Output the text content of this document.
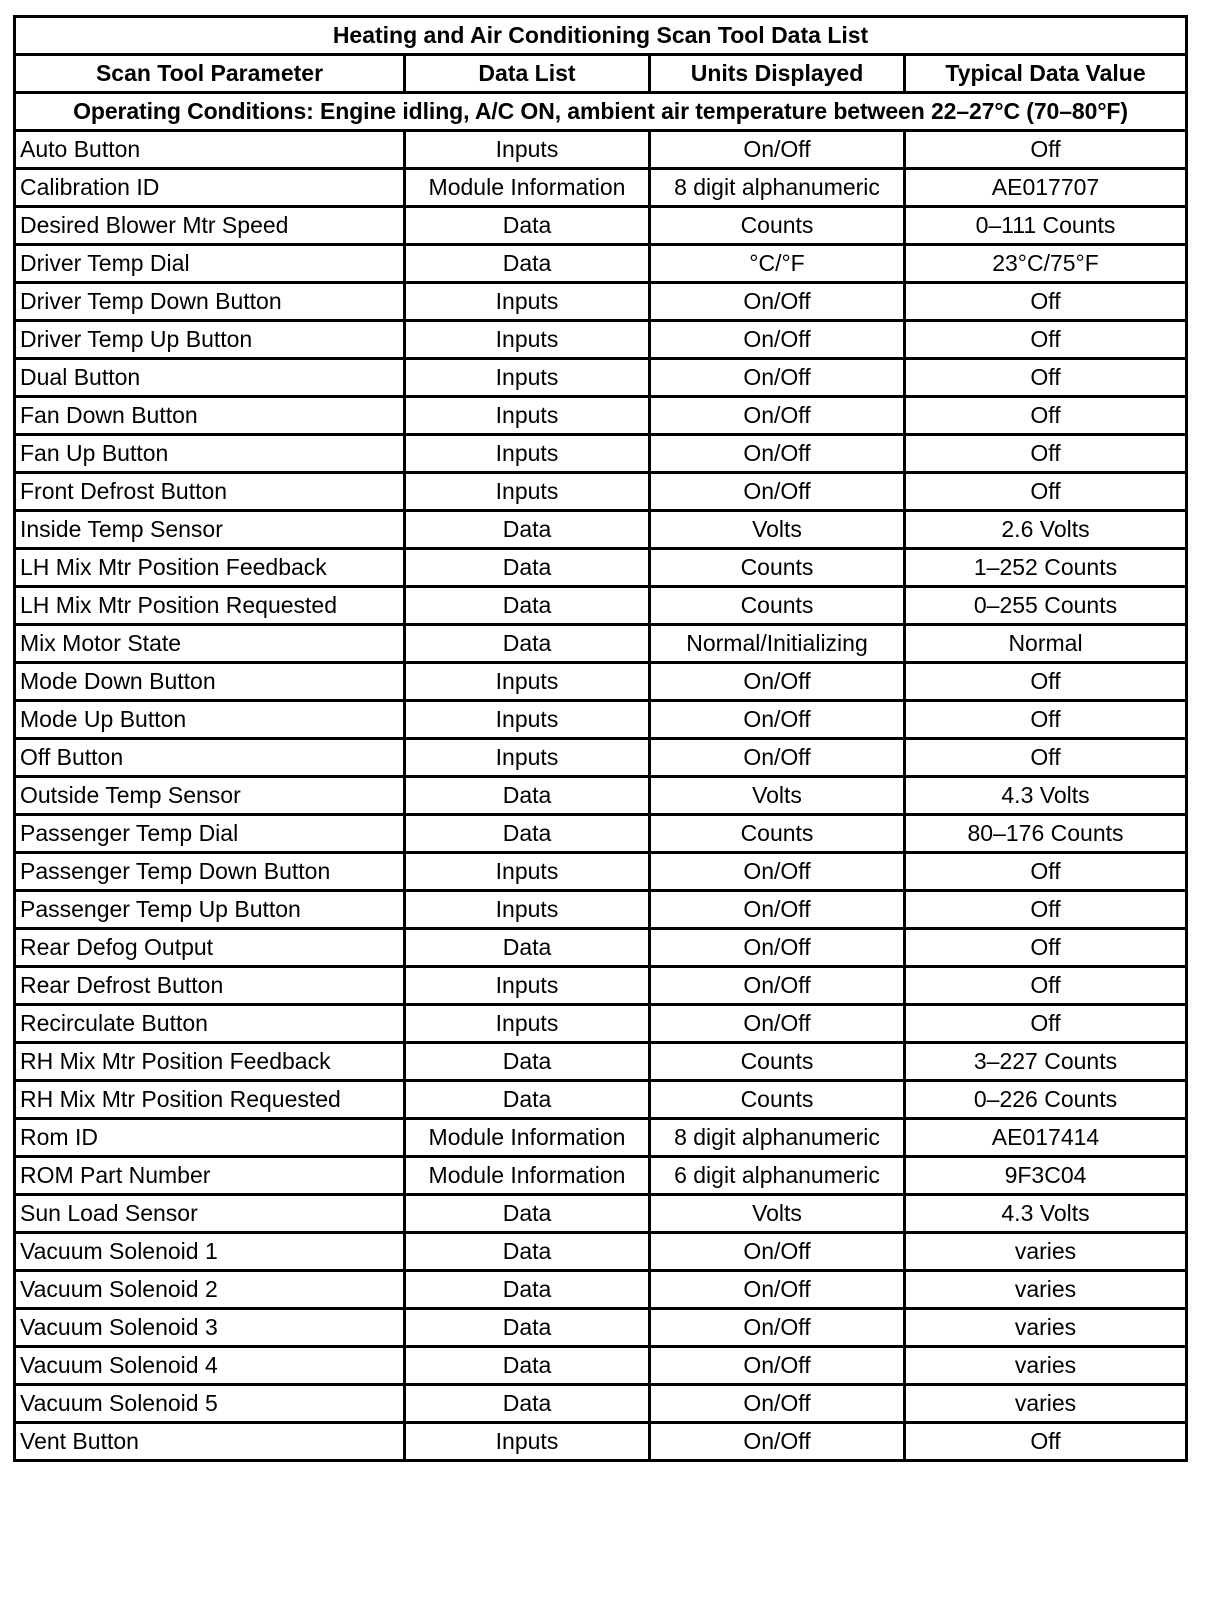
Heating and Air Conditioning Scan Tool Data List			
Scan Tool Parameter	Data List	Units Displayed	Typical Data Value
Operating Conditions: Engine idling, A/C ON, ambient air temperature between 22–27°C (70–80°F)			
Auto Button	Inputs	On/Off	Off
Calibration ID	Module Information	8 digit alphanumeric	AE017707
Desired Blower Mtr Speed	Data	Counts	0–111 Counts
Driver Temp Dial	Data	°C/°F	23°C/75°F
Driver Temp Down Button	Inputs	On/Off	Off
Driver Temp Up Button	Inputs	On/Off	Off
Dual Button	Inputs	On/Off	Off
Fan Down Button	Inputs	On/Off	Off
Fan Up Button	Inputs	On/Off	Off
Front Defrost Button	Inputs	On/Off	Off
Inside Temp Sensor	Data	Volts	2.6 Volts
LH Mix Mtr Position Feedback	Data	Counts	1–252 Counts
LH Mix Mtr Position Requested	Data	Counts	0–255 Counts
Mix Motor State	Data	Normal/Initializing	Normal
Mode Down Button	Inputs	On/Off	Off
Mode Up Button	Inputs	On/Off	Off
Off Button	Inputs	On/Off	Off
Outside Temp Sensor	Data	Volts	4.3 Volts
Passenger Temp Dial	Data	Counts	80–176 Counts
Passenger Temp Down Button	Inputs	On/Off	Off
Passenger Temp Up Button	Inputs	On/Off	Off
Rear Defog Output	Data	On/Off	Off
Rear Defrost Button	Inputs	On/Off	Off
Recirculate Button	Inputs	On/Off	Off
RH Mix Mtr Position Feedback	Data	Counts	3–227 Counts
RH Mix Mtr Position Requested	Data	Counts	0–226 Counts
Rom ID	Module Information	8 digit alphanumeric	AE017414
ROM Part Number	Module Information	6 digit alphanumeric	9F3C04
Sun Load Sensor	Data	Volts	4.3 Volts
Vacuum Solenoid 1	Data	On/Off	varies
Vacuum Solenoid 2	Data	On/Off	varies
Vacuum Solenoid 3	Data	On/Off	varies
Vacuum Solenoid 4	Data	On/Off	varies
Vacuum Solenoid 5	Data	On/Off	varies
Vent Button	Inputs	On/Off	Off
